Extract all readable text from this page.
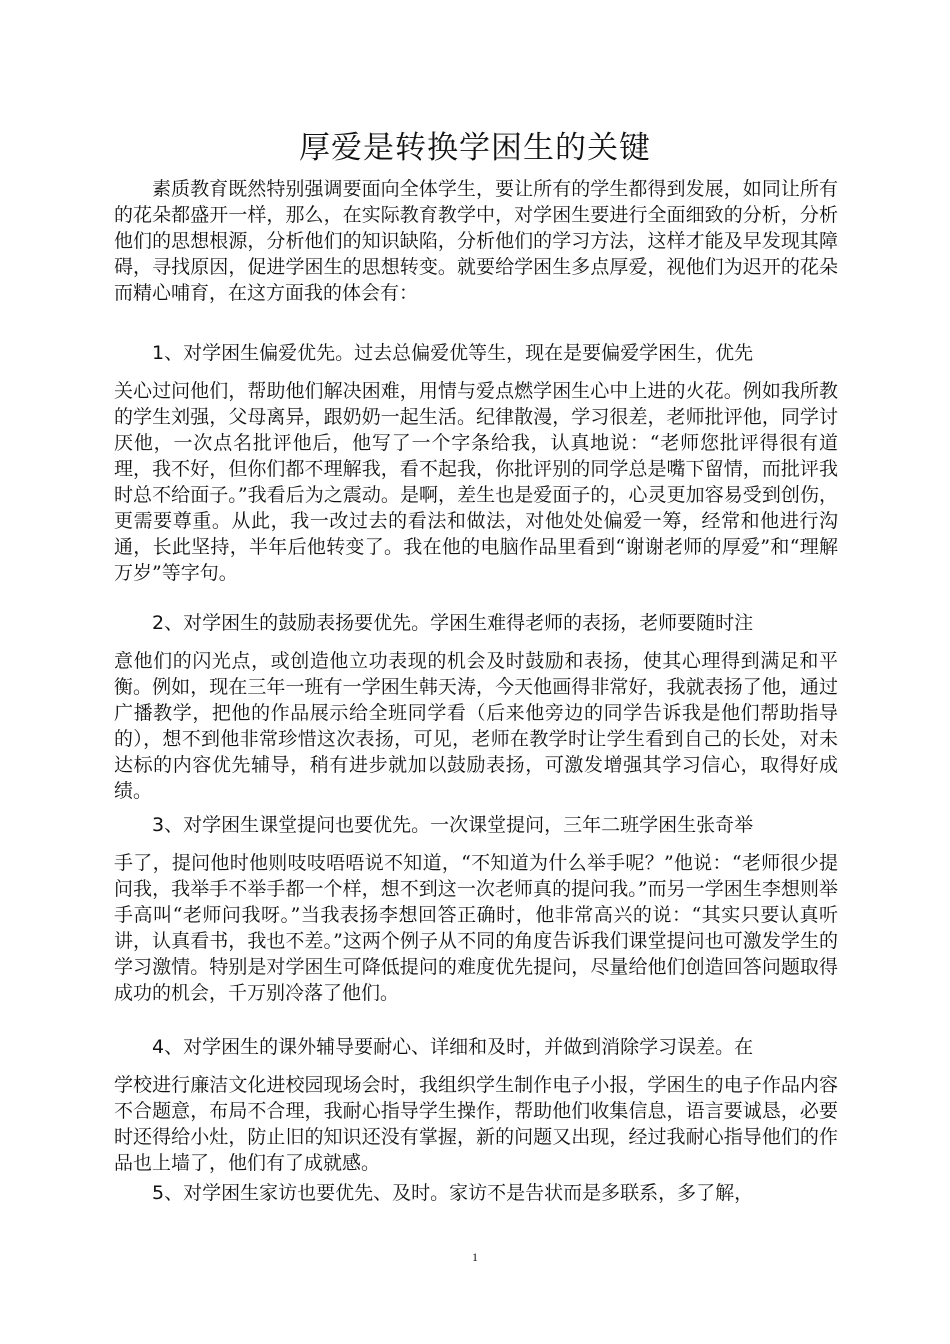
厚爱是转换学困生的关键

素质教育既然特别强调要面向全体学生，要让所有的学生都得到发展，如同让所有的花朵都盛开一样，那么，在实际教育教学中，对学困生要进行全面细致的分析，分析他们的思想根源，分析他们的知识缺陷，分析他们的学习方法，这样才能及早发现其障碍，寻找原因，促进学困生的思想转变。就要给学困生多点厚爱，视他们为迟开的花朵而精心哺育，在这方面我的体会有：

1、对学困生偏爱优先。过去总偏爱优等生，现在是要偏爱学困生，优先

关心过问他们，帮助他们解决困难，用情与爱点燃学困生心中上进的火花。例如我所教的学生刘强，父母离异，跟奶奶一起生活。纪律散漫，学习很差，老师批评他，同学讨厌他，一次点名批评他后，他写了一个字条给我，认真地说：“老师您批评得很有道理，我不好，但你们都不理解我，看不起我，你批评别的同学总是嘴下留情，而批评我时总不给面子。”我看后为之震动。是啊，差生也是爱面子的，心灵更加容易受到创伤，更需要尊重。从此，我一改过去的看法和做法，对他处处偏爱一筹，经常和他进行沟通，长此坚持，半年后他转变了。我在他的电脑作品里看到“谢谢老师的厚爱”和“理解万岁”等字句。

2、对学困生的鼓励表扬要优先。学困生难得老师的表扬，老师要随时注

意他们的闪光点，或创造他立功表现的机会及时鼓励和表扬，使其心理得到满足和平衡。例如，现在三年一班有一学困生韩天涛，今天他画得非常好，我就表扬了他，通过广播教学，把他的作品展示给全班同学看（后来他旁边的同学告诉我是他们帮助指导的），想不到他非常珍惜这次表扬，可见，老师在教学时让学生看到自己的长处，对未达标的内容优先辅导，稍有进步就加以鼓励表扬，可激发增强其学习信心，取得好成绩。

3、对学困生课堂提问也要优先。一次课堂提问，三年二班学困生张奇举

手了，提问他时他则吱吱唔唔说不知道，“不知道为什么举手呢？”他说：“老师很少提问我，我举手不举手都一个样，想不到这一次老师真的提问我。”而另一学困生李想则举手高叫“老师问我呀。”当我表扬李想回答正确时，他非常高兴的说：“其实只要认真听讲，认真看书，我也不差。”这两个例子从不同的角度告诉我们课堂提问也可激发学生的学习激情。特别是对学困生可降低提问的难度优先提问，尽量给他们创造回答问题取得成功的机会，千万别冷落了他们。

4、对学困生的课外辅导要耐心、详细和及时，并做到消除学习误差。在

学校进行廉洁文化进校园现场会时，我组织学生制作电子小报，学困生的电子作品内容不合题意，布局不合理，我耐心指导学生操作，帮助他们收集信息，语言要诚恳，必要时还得给小灶，防止旧的知识还没有掌握，新的问题又出现，经过我耐心指导他们的作品也上墙了，他们有了成就感。

5、对学困生家访也要优先、及时。家访不是告状而是多联系，多了解，
1
